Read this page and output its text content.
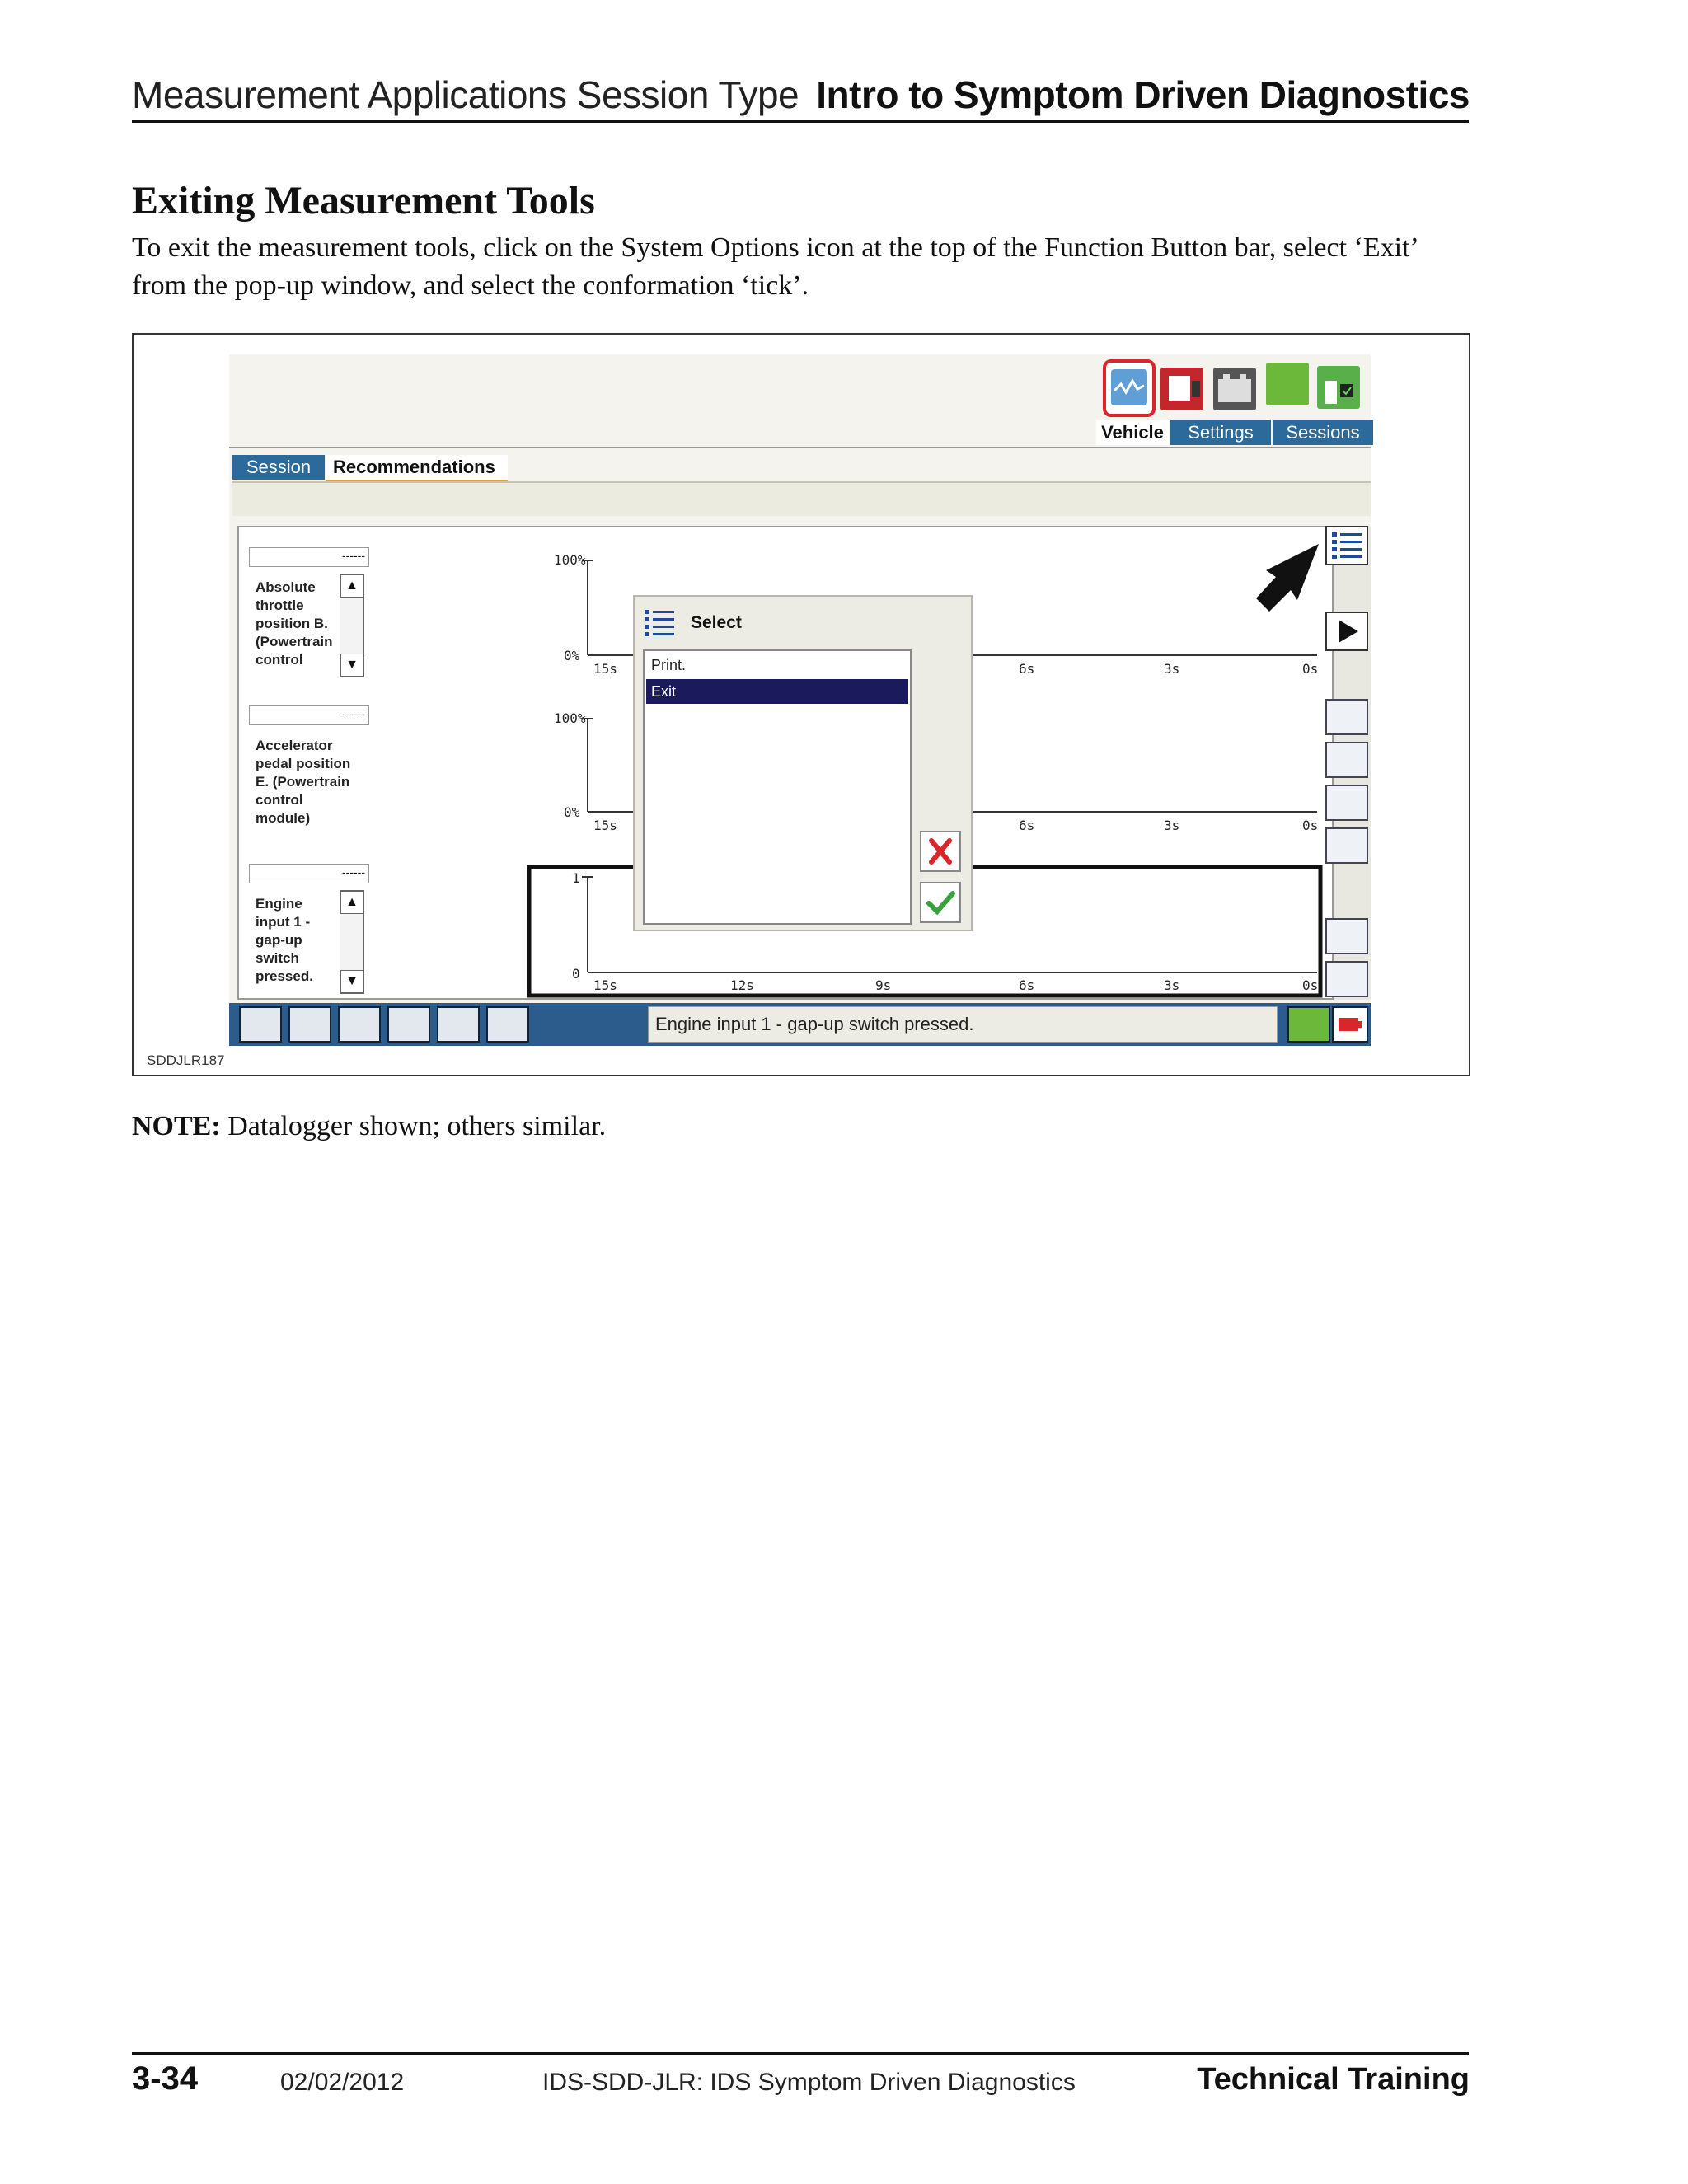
Measurement Applications Session Type Intro to Symptom Driven Diagnostics
Exiting Measurement Tools
To exit the measurement tools, click on the System Options icon at the top of the Function Button bar, select ‘Exit’
from the pop-up window, and select the conformation ‘tick’.
SDDJLR187
Vehicle	Settings	Sessions
Session	Recommendations
------
Absolute
throttle
position B.
(Powertrain
control
▲
▼
------
Accelerator
pedal position
E. (Powertrain
control
module)
------
Engine
input 1 -
gap-up
switch
pressed.
▲
▼
100%
0%
100%
0%
1
0
15s	6s	3s	0s
15s	6s	3s	0s
15s	12s	9s	6s	3s	0s
Engine input 1 - gap-up switch pressed.
Select
Print.
Exit
NOTE: Datalogger shown; others similar.
3-34	02/02/2012	IDS-SDD-JLR: IDS Symptom Driven Diagnostics	Technical Training
